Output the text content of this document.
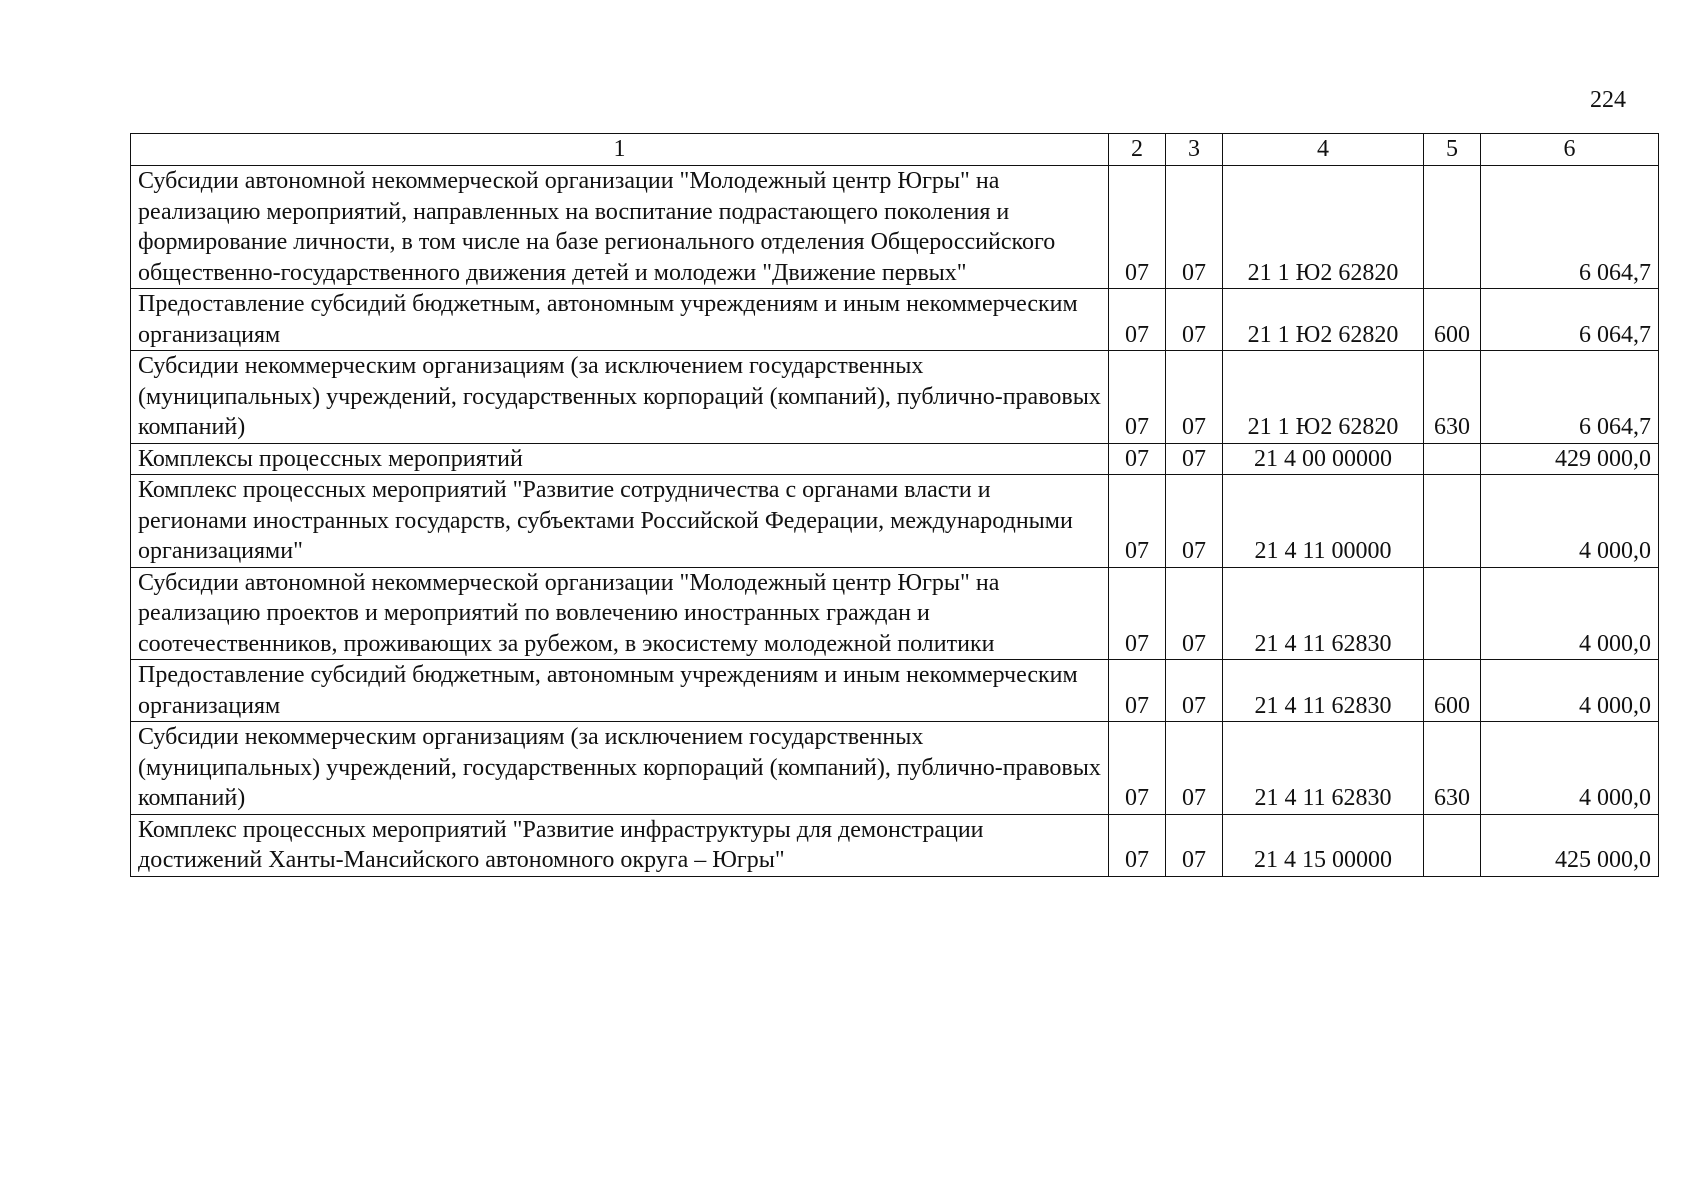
224
1	2	3	4	5	6
Субсидии автономной некоммерческой организации "Молодежный центр Югры" на реализацию мероприятий, направленных на воспитание подрастающего поколения и формирование личности, в том числе на базе регионального отделения Общероссийского общественно-государственного движения детей и молодежи "Движение первых"	07	07	21 1 Ю2 62820		6 064,7
Предоставление субсидий бюджетным, автономным учреждениям и иным некоммерческим организациям	07	07	21 1 Ю2 62820	600	6 064,7
Субсидии некоммерческим организациям (за исключением государственных (муниципальных) учреждений, государственных корпораций (компаний), публично-правовых компаний)	07	07	21 1 Ю2 62820	630	6 064,7
Комплексы процессных мероприятий	07	07	21 4 00 00000		429 000,0
Комплекс процессных мероприятий "Развитие сотрудничества с органами власти и регионами иностранных государств, субъектами Российской Федерации, международными организациями"	07	07	21 4 11 00000		4 000,0
Субсидии автономной некоммерческой организации "Молодежный центр Югры" на реализацию проектов и мероприятий по вовлечению иностранных граждан и соотечественников, проживающих за рубежом, в экосистему молодежной политики	07	07	21 4 11 62830		4 000,0
Предоставление субсидий бюджетным, автономным учреждениям и иным некоммерческим организациям	07	07	21 4 11 62830	600	4 000,0
Субсидии некоммерческим организациям (за исключением государственных (муниципальных) учреждений, государственных корпораций (компаний), публично-правовых компаний)	07	07	21 4 11 62830	630	4 000,0
Комплекс процессных мероприятий "Развитие инфраструктуры для демонстрации достижений Ханты-Мансийского автономного округа – Югры"	07	07	21 4 15 00000		425 000,0
